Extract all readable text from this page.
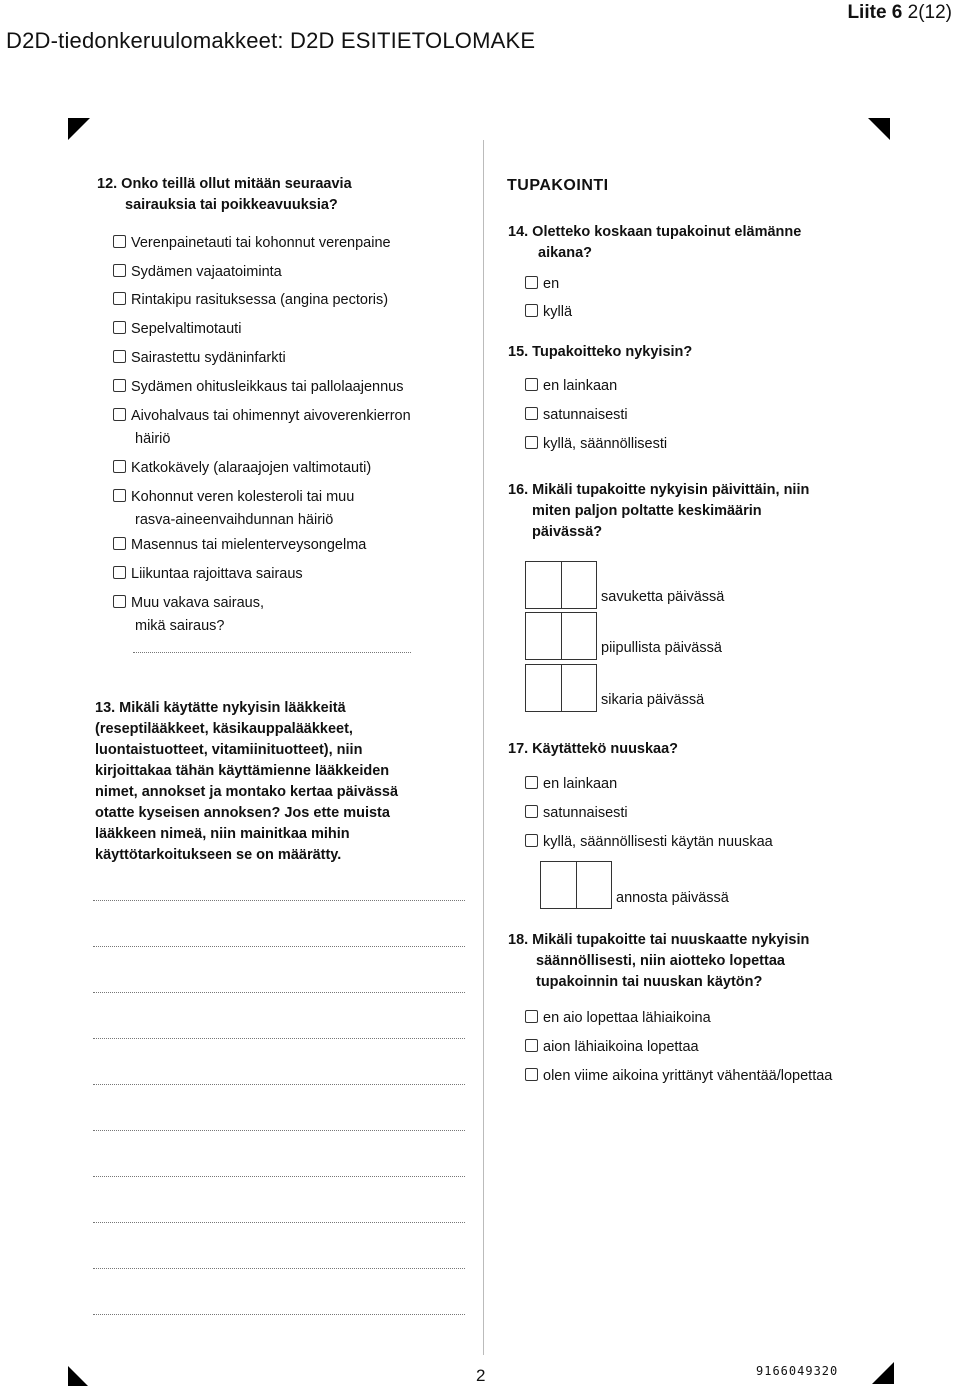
D2D-tiedonkeruulomakkeet: D2D ESITIETOLOMAKE
Liite 6 2(12)
12. Onko teillä ollut mitään seuraavia
sairauksia tai poikkeavuuksia?
Verenpainetauti tai kohonnut verenpaine
Sydämen vajaatoiminta
Rintakipu rasituksessa (angina pectoris)
Sepelvaltimotauti
Sairastettu sydäninfarkti
Sydämen ohitusleikkaus tai pallolaajennus
Aivohalvaus tai ohimennyt aivoverenkierron
häiriö
Katkokävely (alaraajojen valtimotauti)
Kohonnut veren kolesteroli tai muu
rasva-aineenvaihdunnan häiriö
Masennus tai mielenterveysongelma
Liikuntaa rajoittava sairaus
Muu vakava sairaus,
mikä sairaus?
13. Mikäli käytätte nykyisin lääkkeitä
(reseptilääkkeet, käsikauppalääkkeet,
luontaistuotteet, vitamiinituotteet), niin
kirjoittakaa tähän käyttämienne lääkkeiden
nimet, annokset ja montako kertaa päivässä
otatte kyseisen annoksen? Jos ette muista
lääkkeen nimeä, niin mainitkaa mihin
käyttötarkoitukseen se on määrätty.
TUPAKOINTI
14. Oletteko koskaan tupakoinut elämänne
aikana?
en
kyllä
15. Tupakoitteko nykyisin?
en lainkaan
satunnaisesti
kyllä, säännöllisesti
16. Mikäli tupakoitte nykyisin päivittäin, niin
miten paljon poltatte keskimäärin
päivässä?
savuketta päivässä
piipullista päivässä
sikaria päivässä
17. Käytättekö nuuskaa?
en lainkaan
satunnaisesti
kyllä, säännöllisesti käytän nuuskaa
annosta päivässä
18. Mikäli tupakoitte tai nuuskaatte nykyisin
säännöllisesti, niin aiotteko lopettaa
tupakoinnin tai nuuskan käytön?
en aio lopettaa lähiaikoina
aion lähiaikoina lopettaa
olen viime aikoina yrittänyt vähentää/lopettaa
2	9166049320
